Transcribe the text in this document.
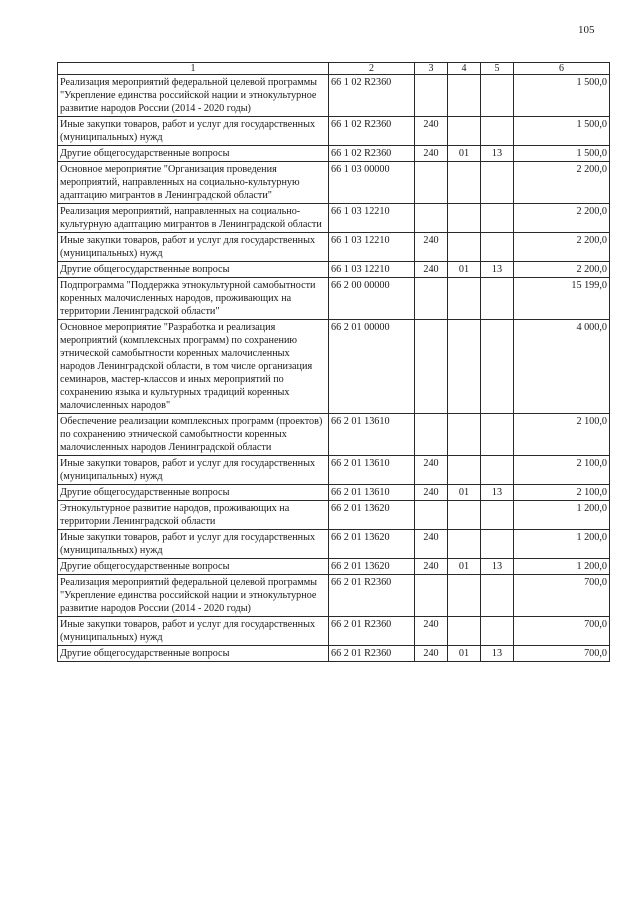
105
1	2	3	4	5	6
Реализация мероприятий федеральной целевой программы "Укрепление единства российской нации и этнокультурное развитие народов России (2014 - 2020 годы)	66 1 02 R2360				1 500,0
Иные закупки товаров, работ и услуг для государственных (муниципальных) нужд	66 1 02 R2360	240			1 500,0
Другие общегосударственные вопросы	66 1 02 R2360	240	01	13	1 500,0
Основное мероприятие "Организация проведения мероприятий, направленных на социально-культурную адаптацию мигрантов в Ленинградской области"	66 1 03 00000				2 200,0
Реализация мероприятий, направленных на социально-культурную адаптацию мигрантов в Ленинградской области	66 1 03 12210				2 200,0
Иные закупки товаров, работ и услуг для государственных (муниципальных) нужд	66 1 03 12210	240			2 200,0
Другие общегосударственные вопросы	66 1 03 12210	240	01	13	2 200,0
Подпрограмма "Поддержка этнокультурной самобытности коренных малочисленных народов, проживающих на территории Ленинградской области"	66 2 00 00000				15 199,0
Основное мероприятие "Разработка и реализация мероприятий (комплексных программ) по сохранению этнической самобытности коренных малочисленных народов Ленинградской области, в том числе организация семинаров, мастер-классов и иных мероприятий по сохранению языка и культурных традиций коренных малочисленных народов"	66 2 01 00000				4 000,0
Обеспечение реализации комплексных программ (проектов) по сохранению этнической самобытности коренных малочисленных народов Ленинградской области	66 2 01 13610				2 100,0
Иные закупки товаров, работ и услуг для государственных (муниципальных) нужд	66 2 01 13610	240			2 100,0
Другие общегосударственные вопросы	66 2 01 13610	240	01	13	2 100,0
Этнокультурное развитие народов, проживающих на территории Ленинградской области	66 2 01 13620				1 200,0
Иные закупки товаров, работ и услуг для государственных (муниципальных) нужд	66 2 01 13620	240			1 200,0
Другие общегосударственные вопросы	66 2 01 13620	240	01	13	1 200,0
Реализация мероприятий федеральной целевой программы "Укрепление единства российской нации и этнокультурное развитие народов России (2014 - 2020 годы)	66 2 01 R2360				700,0
Иные закупки товаров, работ и услуг для государственных (муниципальных) нужд	66 2 01 R2360	240			700,0
Другие общегосударственные вопросы	66 2 01 R2360	240	01	13	700,0
